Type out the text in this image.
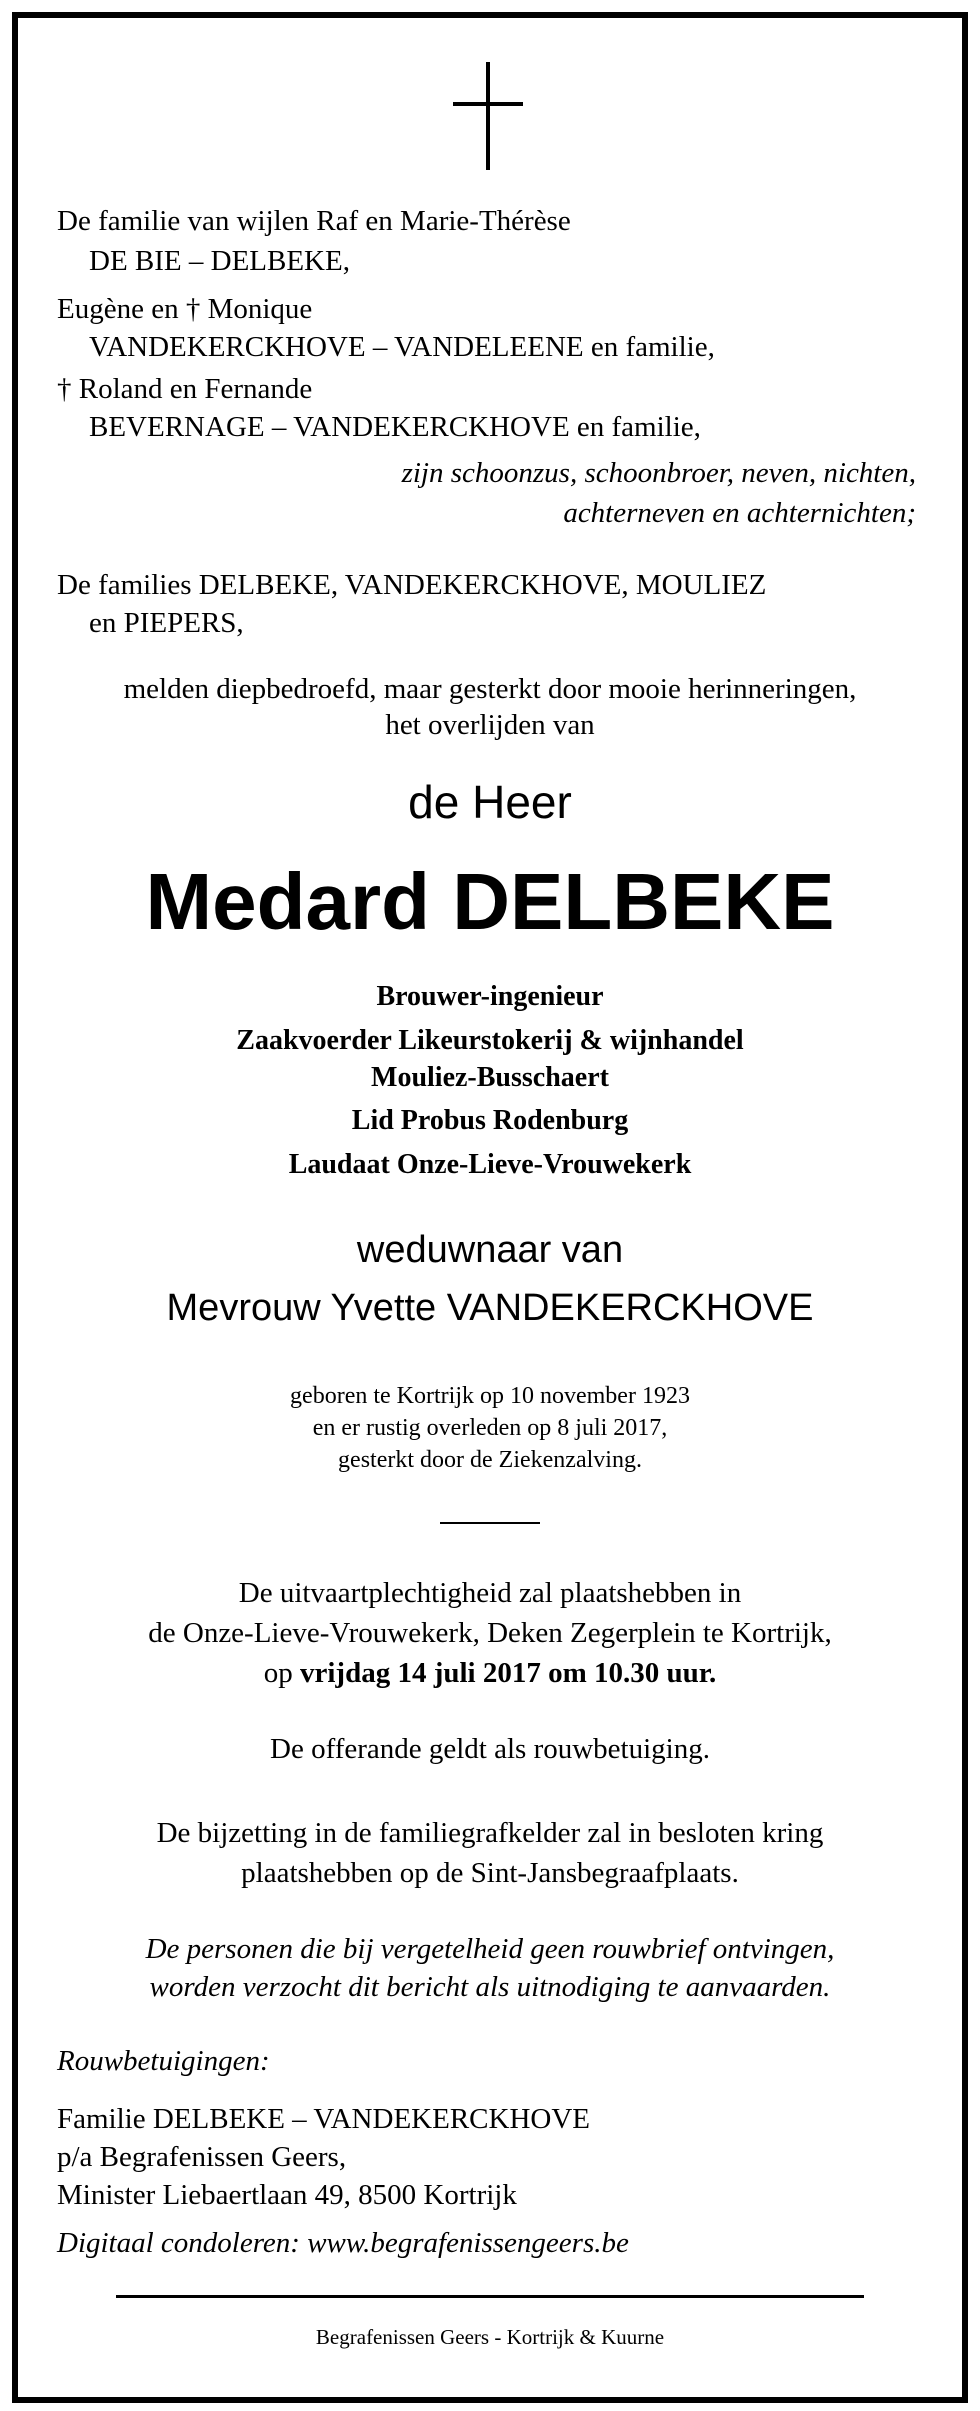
De familie van wijlen Raf en Marie-Thérèse
DE BIE – DELBEKE,
Eugène en † Monique
VANDEKERCKHOVE – VANDELEENE en familie,
† Roland en Fernande
BEVERNAGE – VANDEKERCKHOVE en familie,
zijn schoonzus, schoonbroer, neven, nichten,
achterneven en achternichten;
De families DELBEKE, VANDEKERCKHOVE, MOULIEZ
en PIEPERS,
melden diepbedroefd, maar gesterkt door mooie herinneringen,
het overlijden van
de Heer
Medard DELBEKE
Brouwer-ingenieur
Zaakvoerder Likeurstokerij & wijnhandel
Mouliez-Busschaert
Lid Probus Rodenburg
Laudaat Onze-Lieve-Vrouwekerk
weduwnaar van
Mevrouw Yvette VANDEKERCKHOVE
geboren te Kortrijk op 10 november 1923
en er rustig overleden op 8 juli 2017,
gesterkt door de Ziekenzalving.
De uitvaartplechtigheid zal plaatshebben in
de Onze-Lieve-Vrouwekerk, Deken Zegerplein te Kortrijk,
op vrijdag 14 juli 2017 om 10.30 uur.
De offerande geldt als rouwbetuiging.
De bijzetting in de familiegrafkelder zal in besloten kring
plaatshebben op de Sint-Jansbegraafplaats.
De personen die bij vergetelheid geen rouwbrief ontvingen,
worden verzocht dit bericht als uitnodiging te aanvaarden.
Rouwbetuigingen:
Familie DELBEKE – VANDEKERCKHOVE
p/a Begrafenissen Geers,
Minister Liebaertlaan 49, 8500 Kortrijk
Digitaal condoleren: www.begrafenissengeers.be
Begrafenissen Geers - Kortrijk & Kuurne
